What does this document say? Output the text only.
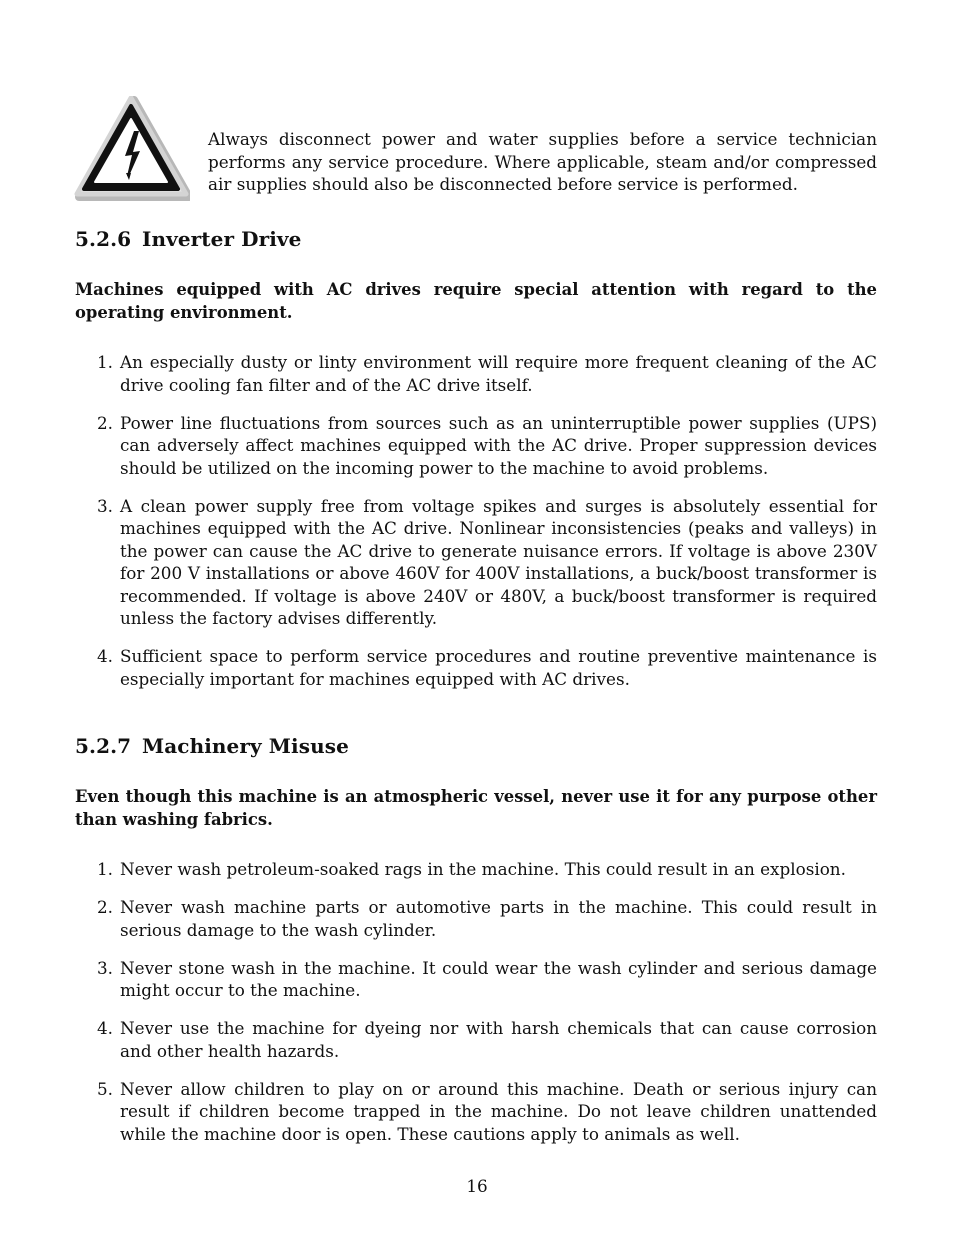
Always disconnect power and water supplies before a service technician performs any service procedure. Where applicable, steam and/or compressed air supplies should also be disconnected before service is performed.

5.2.6 Inverter Drive

Machines equipped with AC drives require special attention with regard to the operating environment.

1. An especially dusty or linty environment will require more frequent cleaning of the AC drive cooling fan filter and of the AC drive itself.
2. Power line fluctuations from sources such as an uninterruptible power supplies (UPS) can adversely affect machines equipped with the AC drive. Proper suppression devices should be utilized on the incoming power to the machine to avoid problems.
3. A clean power supply free from voltage spikes and surges is absolutely essential for machines equipped with the AC drive. Nonlinear inconsistencies (peaks and valleys) in the power can cause the AC drive to generate nuisance errors. If voltage is above 230V for 200 V installations or above 460V for 400V installations, a buck/boost transformer is recommended. If voltage is above 240V or 480V, a buck/boost transformer is required unless the factory advises differently.
4. Sufficient space to perform service procedures and routine preventive maintenance is especially important for machines equipped with AC drives.
5.2.7 Machinery Misuse

Even though this machine is an atmospheric vessel, never use it for any purpose other than washing fabrics.

1. Never wash petroleum-soaked rags in the machine. This could result in an explosion.
2. Never wash machine parts or automotive parts in the machine. This could result in serious damage to the wash cylinder.
3. Never stone wash in the machine. It could wear the wash cylinder and serious damage might occur to the machine.
4. Never use the machine for dyeing nor with harsh chemicals that can cause corrosion and other health hazards.
5. Never allow children to play on or around this machine. Death or serious injury can result if children become trapped in the machine. Do not leave children unattended while the machine door is open. These cautions apply to animals as well.

16
